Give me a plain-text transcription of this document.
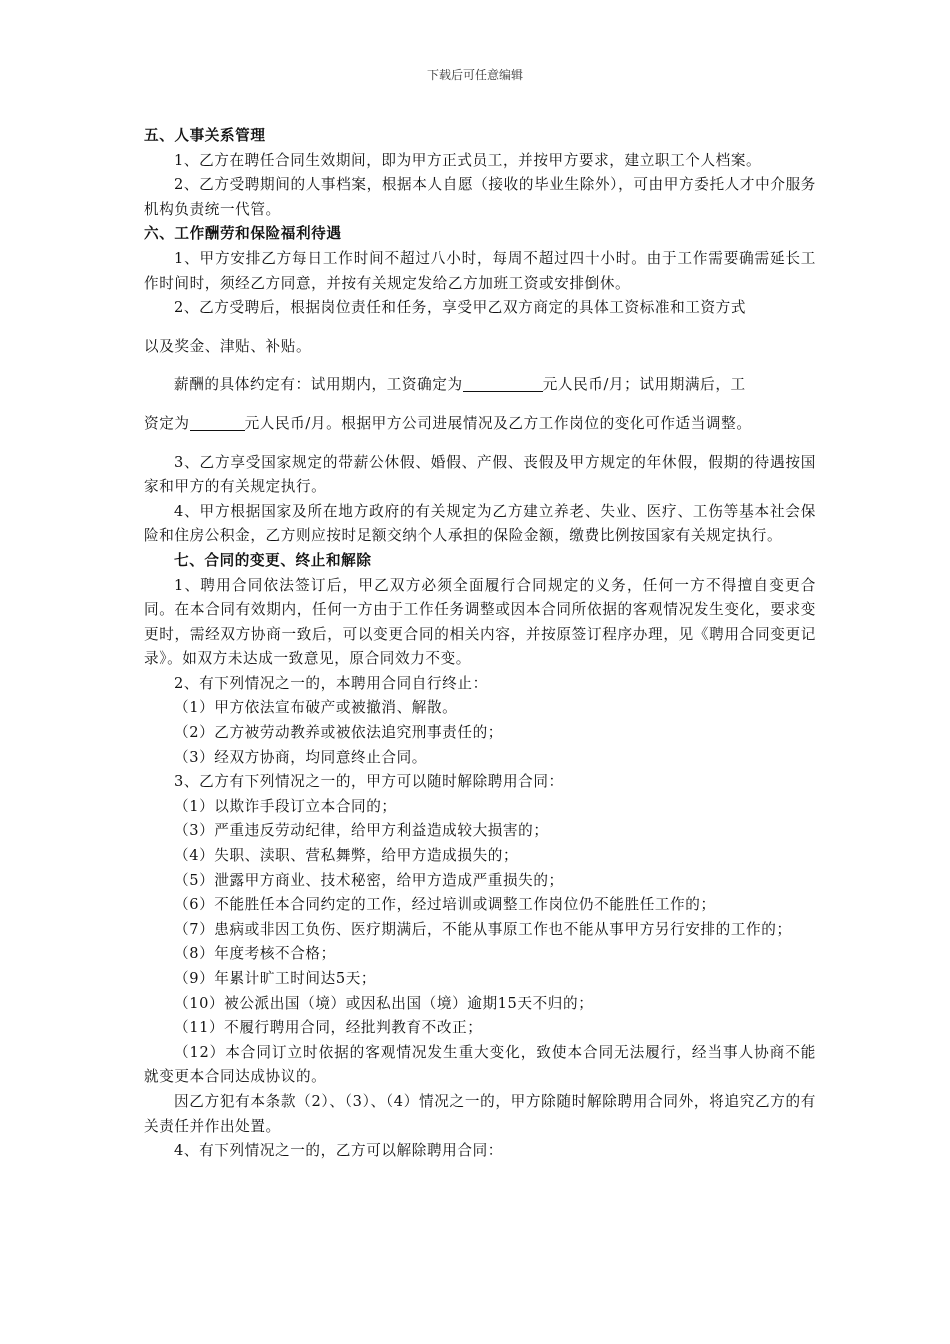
下载后可任意编辑

五、人事关系管理

1、乙方在聘任合同生效期间，即为甲方正式员工，并按甲方要求，建立职工个人档案。

2、乙方受聘期间的人事档案，根据本人自愿（接收的毕业生除外），可由甲方委托人才中介服务机构负责统一代管。

六、工作酬劳和保险福利待遇

1、甲方安排乙方每日工作时间不超过八小时，每周不超过四十小时。由于工作需要确需延长工作时间时，须经乙方同意，并按有关规定发给乙方加班工资或安排倒休。

2、乙方受聘后，根据岗位责任和任务，享受甲乙双方商定的具体工资标准和工资方式

以及奖金、津贴、补贴。

薪酬的具体约定有：试用期内，工资确定为	元人民币/月；试用期满后，工

资定为	元人民币/月。根据甲方公司进展情况及乙方工作岗位的变化可作适当调整。

3、乙方享受国家规定的带薪公休假、婚假、产假、丧假及甲方规定的年休假，假期的待遇按国家和甲方的有关规定执行。

4、甲方根据国家及所在地方政府的有关规定为乙方建立养老、失业、医疗、工伤等基本社会保险和住房公积金，乙方则应按时足额交纳个人承担的保险金额，缴费比例按国家有关规定执行。

七、合同的变更、终止和解除

1、聘用合同依法签订后，甲乙双方必须全面履行合同规定的义务，任何一方不得擅自变更合同。在本合同有效期内，任何一方由于工作任务调整或因本合同所依据的客观情况发生变化，要求变更时，需经双方协商一致后，可以变更合同的相关内容，并按原签订程序办理，见《聘用合同变更记录》。如双方未达成一致意见，原合同效力不变。

2、有下列情况之一的，本聘用合同自行终止：

（1）甲方依法宣布破产或被撤消、解散。

（2）乙方被劳动教养或被依法追究刑事责任的；

（3）经双方协商，均同意终止合同。

3、乙方有下列情况之一的，甲方可以随时解除聘用合同：

（1）以欺诈手段订立本合同的；

（3）严重违反劳动纪律，给甲方利益造成较大损害的；

（4）失职、渎职、营私舞弊，给甲方造成损失的；

（5）泄露甲方商业、技术秘密，给甲方造成严重损失的；

（6）不能胜任本合同约定的工作，经过培训或调整工作岗位仍不能胜任工作的；

（7）患病或非因工负伤、医疗期满后，不能从事原工作也不能从事甲方另行安排的工作的；

（8）年度考核不合格；

（9）年累计旷工时间达5天；

（10）被公派出国（境）或因私出国（境）逾期15天不归的；

（11）不履行聘用合同，经批判教育不改正；

（12）本合同订立时依据的客观情况发生重大变化，致使本合同无法履行，经当事人协商不能就变更本合同达成协议的。

因乙方犯有本条款（2）、（3）、（4）情况之一的，甲方除随时解除聘用合同外，将追究乙方的有关责任并作出处置。

4、有下列情况之一的，乙方可以解除聘用合同：
